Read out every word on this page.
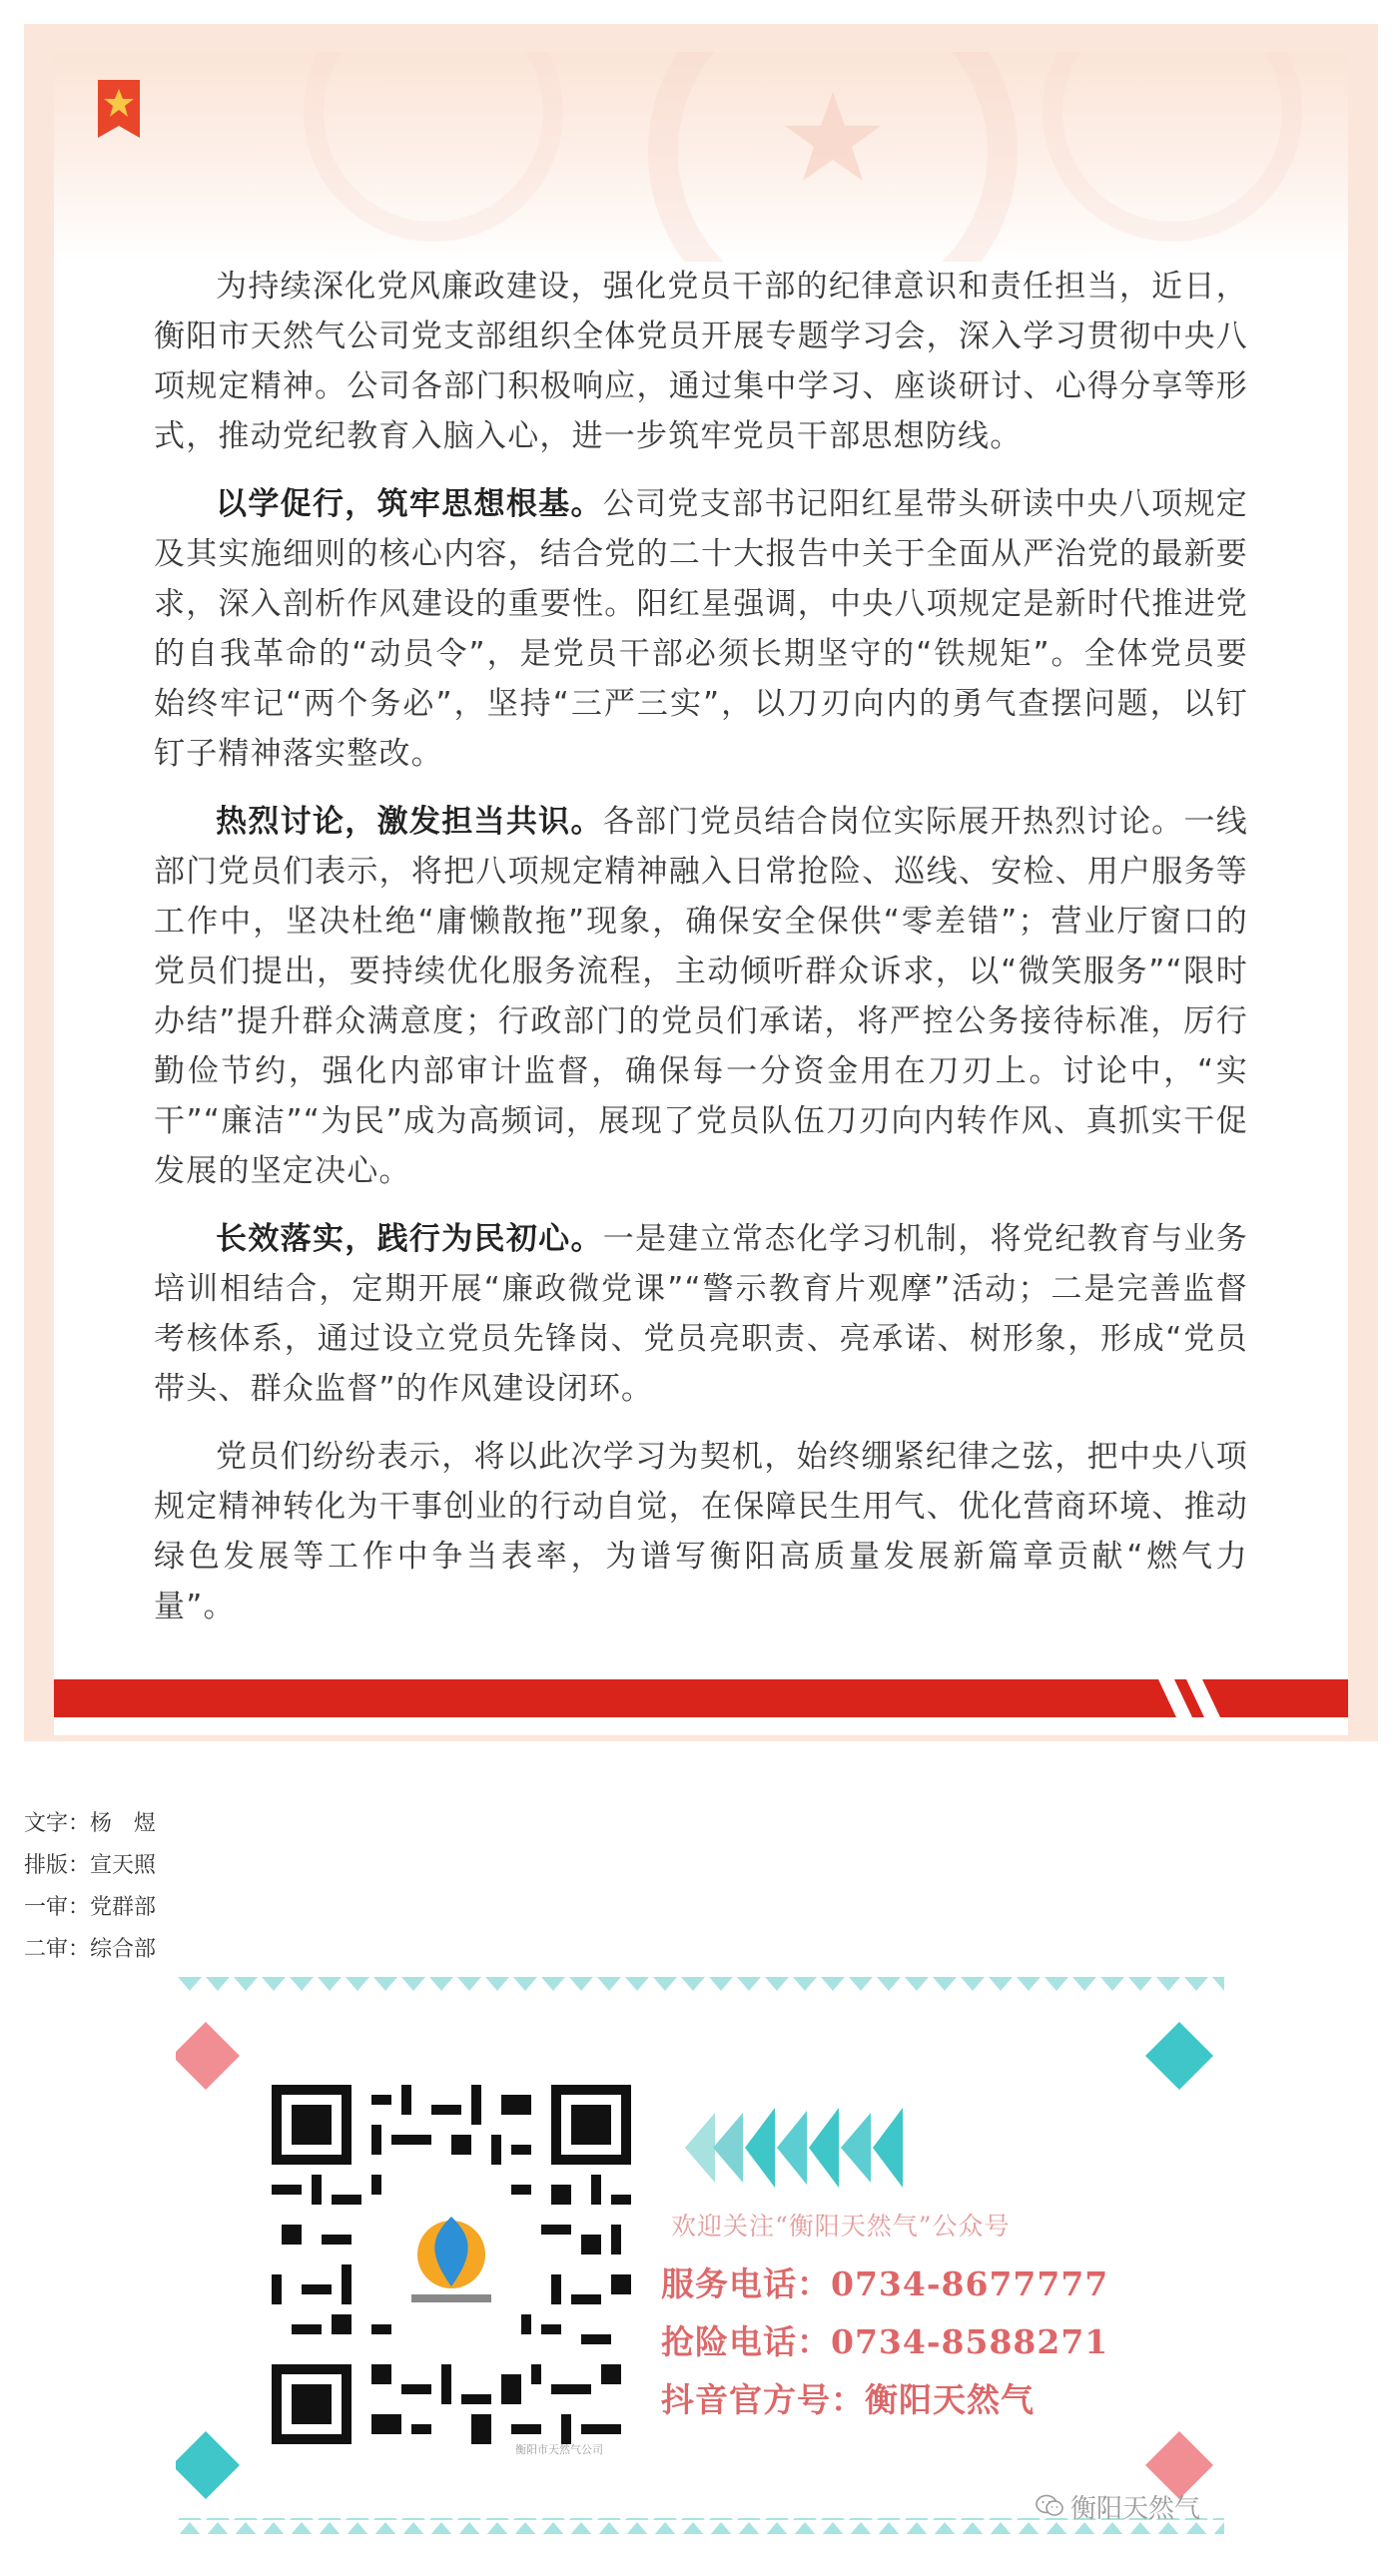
为持续深化党风廉政建设，强化党员干部的纪律意识和责任担当，近日，衡阳市天然气公司党支部组织全体党员开展专题学习会，深入学习贯彻中央八项规定精神。公司各部门积极响应，通过集中学习、座谈研讨、心得分享等形式，推动党纪教育入脑入心，进一步筑牢党员干部思想防线。

以学促行，筑牢思想根基。公司党支部书记阳红星带头研读中央八项规定及其实施细则的核心内容，结合党的二十大报告中关于全面从严治党的最新要求，深入剖析作风建设的重要性。阳红星强调，中央八项规定是新时代推进党的自我革命的“动员令”，是党员干部必须长期坚守的“铁规矩”。全体党员要始终牢记“两个务必”，坚持“三严三实”，以刀刃向内的勇气查摆问题，以钉钉子精神落实整改。

热烈讨论，激发担当共识。各部门党员结合岗位实际展开热烈讨论。一线部门党员们表示，将把八项规定精神融入日常抢险、巡线、安检、用户服务等工作中，坚决杜绝“庸懒散拖”现象，确保安全保供“零差错”；营业厅窗口的党员们提出，要持续优化服务流程，主动倾听群众诉求，以“微笑服务”“限时办结”提升群众满意度；行政部门的党员们承诺，将严控公务接待标准，厉行勤俭节约，强化内部审计监督，确保每一分资金用在刀刃上。讨论中，“实干”“廉洁”“为民”成为高频词，展现了党员队伍刀刃向内转作风、真抓实干促发展的坚定决心。

长效落实，践行为民初心。一是建立常态化学习机制，将党纪教育与业务培训相结合，定期开展“廉政微党课”“警示教育片观摩”活动；二是完善监督考核体系，通过设立党员先锋岗、党员亮职责、亮承诺、树形象，形成“党员带头、群众监督”的作风建设闭环。

党员们纷纷表示，将以此次学习为契机，始终绷紧纪律之弦，把中央八项规定精神转化为干事创业的行动自觉，在保障民生用气、优化营商环境、推动绿色发展等工作中争当表率，为谱写衡阳高质量发展新篇章贡献“燃气力量”。

文字：杨　煜
排版：宣天照
一审：党群部
二审：综合部
衡阳市天然气公司
欢迎关注“衡阳天然气”公众号
服务电话：0734-8677777
抢险电话：0734-8588271
抖音官方号：衡阳天然气
衡阳天然气
